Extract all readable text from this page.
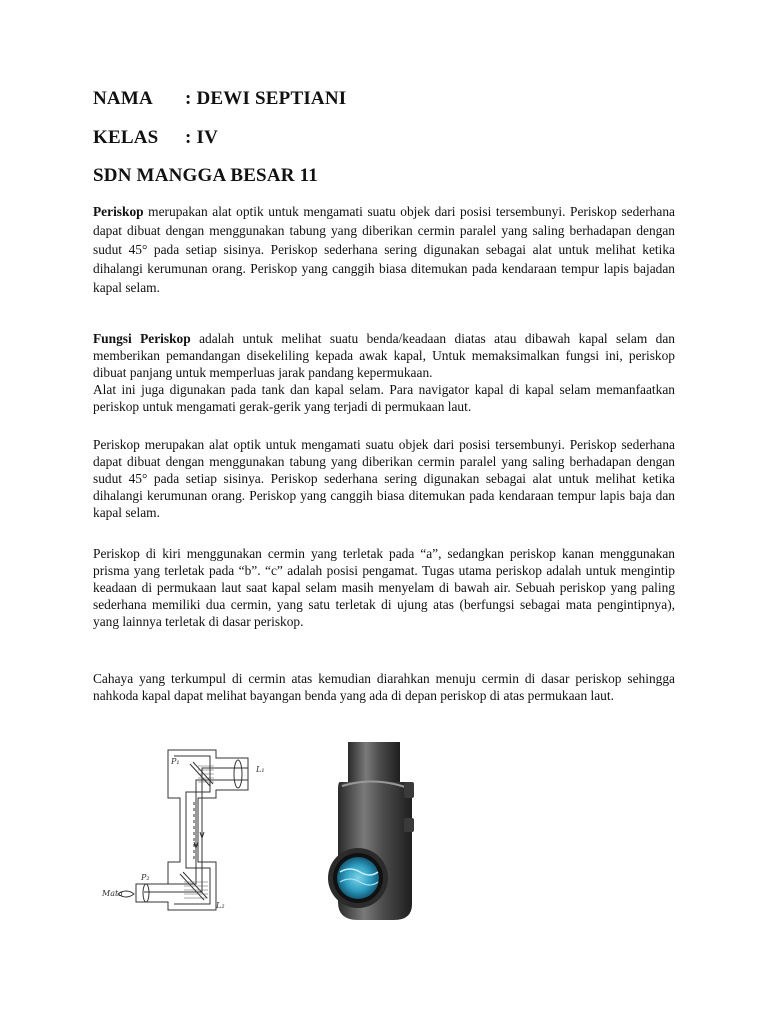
NAMA : DEWI SEPTIANI
KELAS : IV
SDN MANGGA BESAR 11
Periskop merupakan alat optik untuk mengamati suatu objek dari posisi tersembunyi. Periskop sederhana dapat dibuat dengan menggunakan tabung yang diberikan cermin paralel yang saling berhadapan dengan sudut 45° pada setiap sisinya. Periskop sederhana sering digunakan sebagai alat untuk melihat ketika dihalangi kerumunan orang. Periskop yang canggih biasa ditemukan pada kendaraan tempur lapis bajadan kapal selam.
Fungsi Periskop adalah untuk melihat suatu benda/keadaan diatas atau dibawah kapal selam dan memberikan pemandangan disekeliling kepada awak kapal, Untuk memaksimalkan fungsi ini, periskop dibuat panjang untuk memperluas jarak pandang kepermukaan.
Alat ini juga digunakan pada tank dan kapal selam. Para navigator kapal di kapal selam memanfaatkan periskop untuk mengamati gerak-gerik yang terjadi di permukaan laut.
Periskop merupakan alat optik untuk mengamati suatu objek dari posisi tersembunyi. Periskop sederhana dapat dibuat dengan menggunakan tabung yang diberikan cermin paralel yang saling berhadapan dengan sudut 45° pada setiap sisinya. Periskop sederhana sering digunakan sebagai alat untuk melihat ketika dihalangi kerumunan orang. Periskop yang canggih biasa ditemukan pada kendaraan tempur lapis baja dan kapal selam.
Periskop di kiri menggunakan cermin yang terletak pada “a”, sedangkan periskop kanan menggunakan prisma yang terletak pada “b”. “c” adalah posisi pengamat. Tugas utama periskop adalah untuk mengintip keadaan di permukaan laut saat kapal selam masih menyelam di bawah air. Sebuah periskop yang paling sederhana memiliki dua cermin, yang satu terletak di ujung atas (berfungsi sebagai mata pengintipnya), yang lainnya terletak di dasar periskop.
Cahaya yang terkumpul di cermin atas kemudian diarahkan menuju cermin di dasar periskop sehingga nahkoda kapal dapat melihat bayangan benda yang ada di depan periskop di atas permukaan laut.
P₁
L₁
P₂
L₂
Mata
